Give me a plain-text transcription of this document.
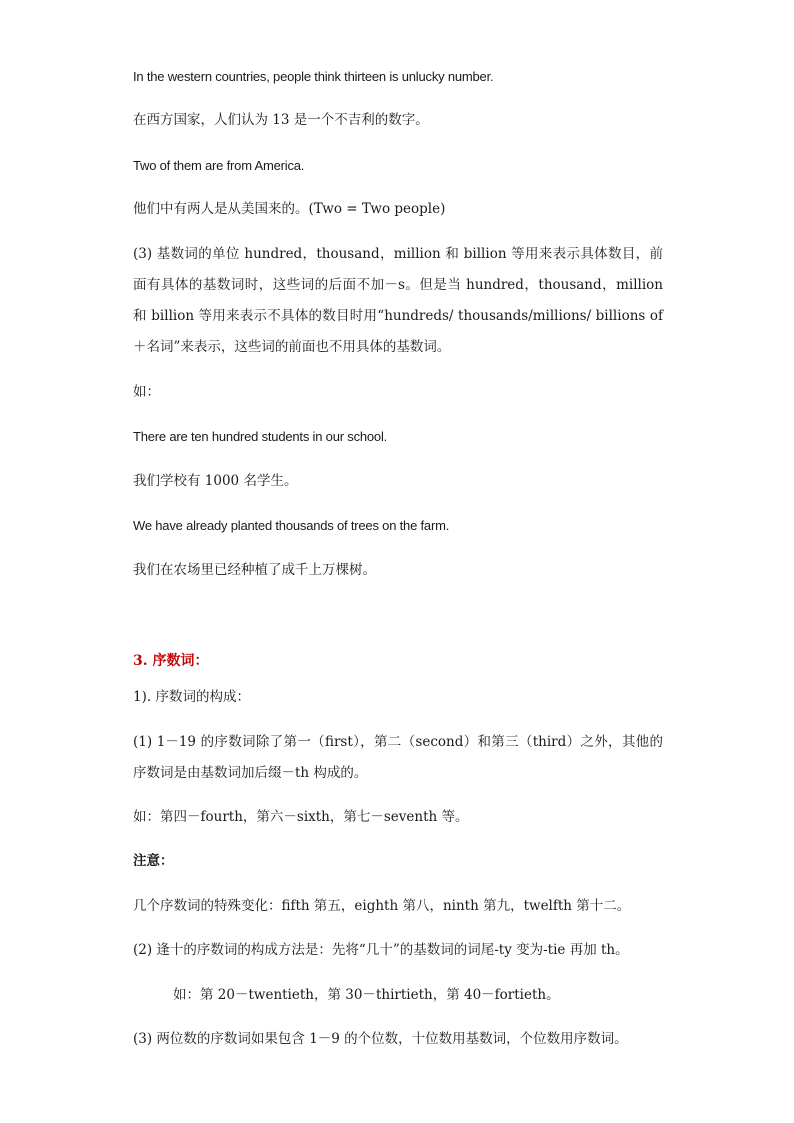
In the western countries, people think thirteen is unlucky number.
在西方国家，人们认为 13 是一个不吉利的数字。
Two of them are from America.
他们中有两人是从美国来的。(Two = Two people)
(3) 基数词的单位 hundred，thousand，million 和 billion 等用来表示具体数目，前面有具体的基数词时，这些词的后面不加－s。但是当 hundred，thousand，million 和 billion 等用来表示不具体的数目时用“hundreds/ thousands/millions/ billions of ＋名词”来表示，这些词的前面也不用具体的基数词。
如：
There are ten hundred students in our school.
我们学校有 1000 名学生。
We have already planted thousands of trees on the farm.
我们在农场里已经种植了成千上万棵树。
3. 序数词：
1). 序数词的构成：
(1) 1－19 的序数词除了第一（first），第二（second）和第三（third）之外，其他的序数词是由基数词加后缀－th 构成的。
如：第四－fourth，第六－sixth，第七－seventh 等。
注意：
几个序数词的特殊变化：fifth 第五，eighth 第八，ninth 第九，twelfth 第十二。
(2) 逢十的序数词的构成方法是：先将“几十”的基数词的词尾-ty 变为-tie 再加 th。
如：第 20－twentieth，第 30－thirtieth，第 40－fortieth。
(3) 两位数的序数词如果包含 1－9 的个位数，十位数用基数词，个位数用序数词。
